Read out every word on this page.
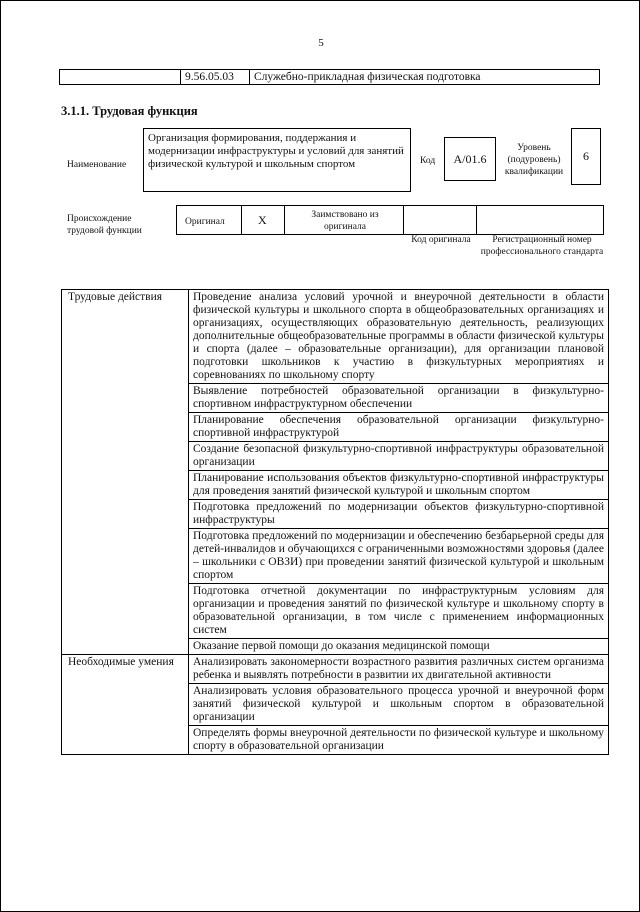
5
	9.56.05.03	Служебно-прикладная физическая подготовка
3.1.1. Трудовая функция
Наименование
Организация формирования, поддержания и модернизации инфраструктуры и условий для занятий физической культурой и школьным спортом	Код	A/01.6
Уровень (подуровень) квалификации
6
Происхождение трудовой функции
Оригинал	X	Заимствовано из оригинала
Код оригинала	Регистрационный номер профессионального стандарта
Трудовые действия	Проведение анализа условий урочной и внеурочной деятельности в области физической культуры и школьного спорта в общеобразовательных организациях и организациях, осуществляющих образовательную деятельность, реализующих дополнительные общеобразовательные программы в области физической культуры и спорта (далее – образовательные организации), для организации плановой подготовки школьников к участию в физкультурных мероприятиях и соревнованиях по школьному спорту
	Выявление потребностей образовательной организации в физкультурно-спортивном инфраструктурном обеспечении
	Планирование обеспечения образовательной организации физкультурно-спортивной инфраструктурой
	Создание безопасной физкультурно-спортивной инфраструктуры образовательной организации
	Планирование использования объектов физкультурно-спортивной инфраструктуры для проведения занятий физической культурой и школьным спортом
	Подготовка предложений по модернизации объектов физкультурно-спортивной инфраструктуры
	Подготовка предложений по модернизации и обеспечению безбарьерной среды для детей-инвалидов и обучающихся с ограниченными возможностями здоровья (далее – школьники с ОВЗИ) при проведении занятий физической культурой и школьным спортом
	Подготовка отчетной документации по инфраструктурным условиям для организации и проведения занятий по физической культуре и школьному спорту в образовательной организации, в том числе с применением информационных систем
	Оказание первой помощи до оказания медицинской помощи
Необходимые умения	Анализировать закономерности возрастного развития различных систем организма ребенка и выявлять потребности в развитии их двигательной активности
	Анализировать условия образовательного процесса урочной и внеурочной форм занятий физической культурой и школьным спортом в образовательной организации
	Определять формы внеурочной деятельности по физической культуре и школьному спорту в образовательной организации
